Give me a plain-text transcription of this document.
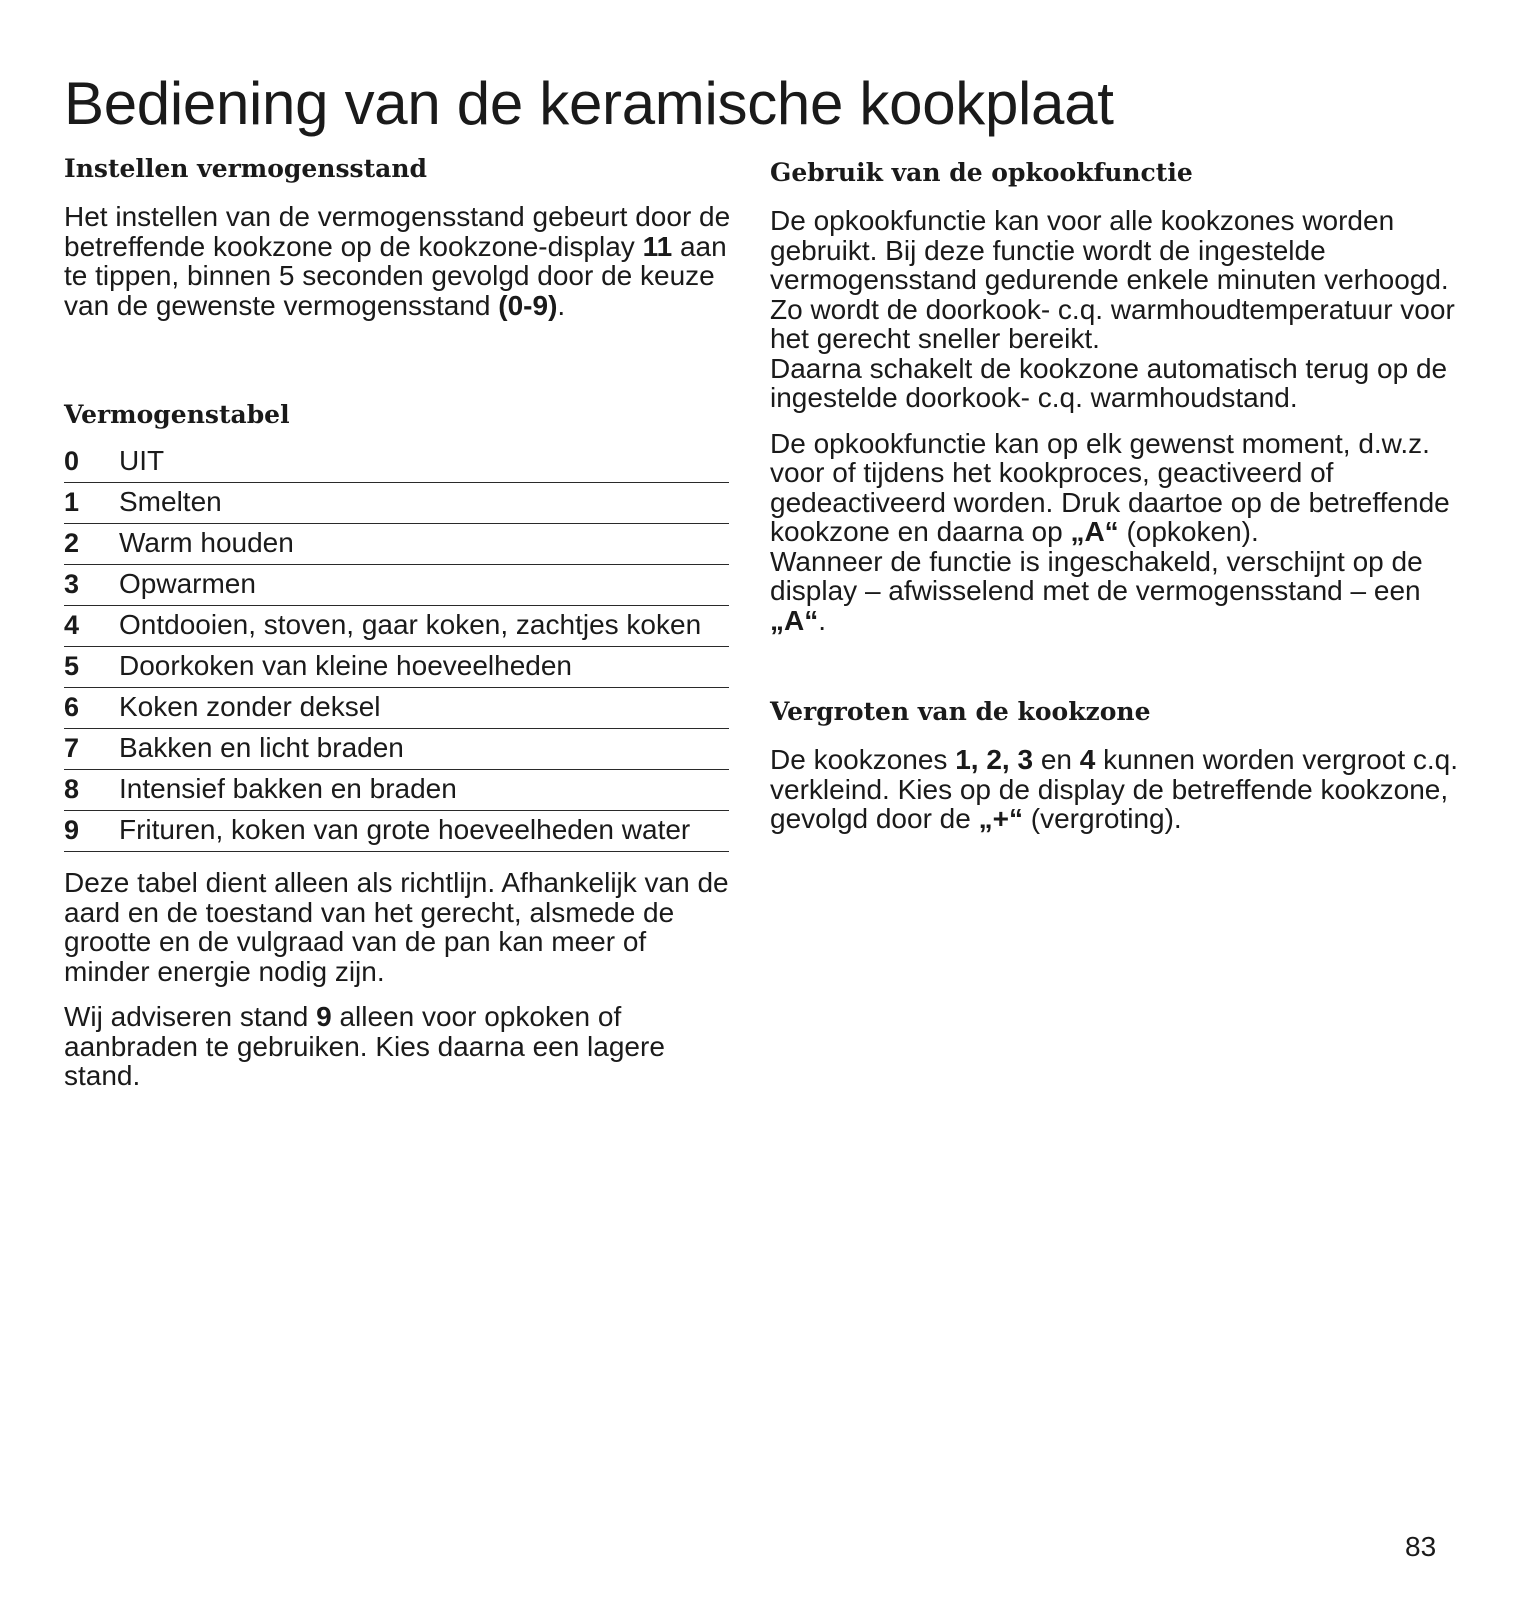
Bediening van de keramische kookplaat
Instellen vermogensstand

Het instellen van de vermogensstand gebeurt door de betreffende kookzone op de kookzone-display 11 aan te tippen, binnen 5 seconden gevolgd door de keuze van de gewenste vermogensstand (0-9).

Vermogenstabel
0	UIT
1	Smelten
2	Warm houden
3	Opwarmen
4	Ontdooien, stoven, gaar koken, zachtjes koken
5	Doorkoken van kleine hoeveelheden
6	Koken zonder deksel
7	Bakken en licht braden
8	Intensief bakken en braden
9	Frituren, koken van grote hoeveelheden water

Deze tabel dient alleen als richtlijn. Afhankelijk van de aard en de toestand van het gerecht, alsmede de grootte en de vulgraad van de pan kan meer of minder energie nodig zijn.

Wij adviseren stand 9 alleen voor opkoken of aanbraden te gebruiken. Kies daarna een lagere stand.

Gebruik van de opkookfunctie

De opkookfunctie kan voor alle kookzones worden gebruikt. Bij deze functie wordt de ingestelde vermogensstand gedurende enkele minuten verhoogd.

Zo wordt de doorkook- c.q. warmhoudtemperatuur voor het gerecht sneller bereikt.

Daarna schakelt de kookzone automatisch terug op de ingestelde doorkook- c.q. warmhoudstand.

De opkookfunctie kan op elk gewenst moment, d.w.z. voor of tijdens het kookproces, geactiveerd of gedeactiveerd worden. Druk daartoe op de betreffende kookzone en daarna op „A“ (opkoken).

Wanneer de functie is ingeschakeld, verschijnt op de display – afwisselend met de vermogensstand – een „A“.

Vergroten van de kookzone

De kookzones 1, 2, 3 en 4 kunnen worden vergroot c.q. verkleind. Kies op de display de betreffende kookzone, gevolgd door de „+“ (vergroting).

83
